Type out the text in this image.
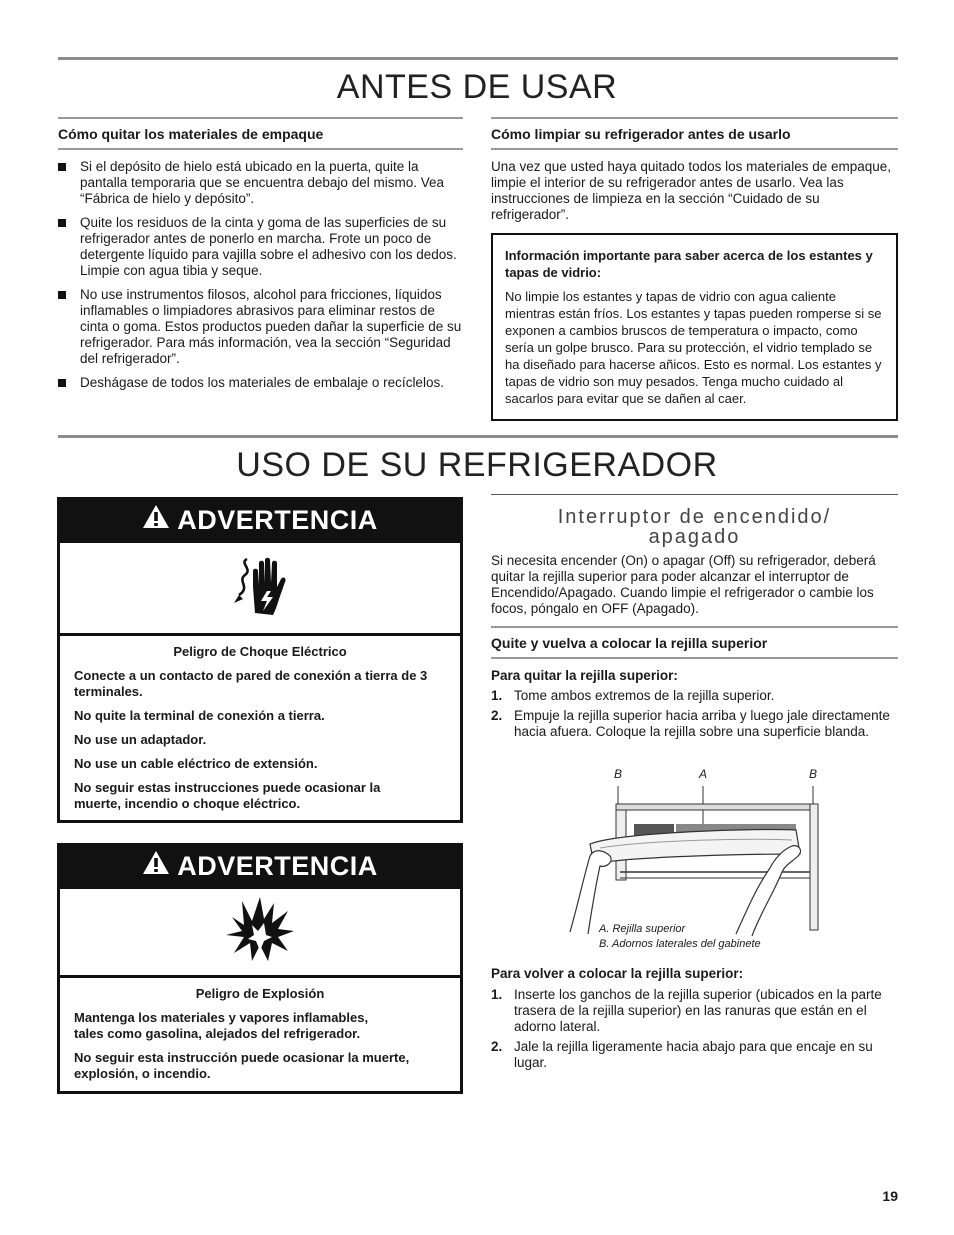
ANTES DE USAR
Cómo quitar los materiales de empaque
Si el depósito de hielo está ubicado en la puerta, quite la pantalla temporaria que se encuentra debajo del mismo. Vea “Fábrica de hielo y depósito”.
Quite los residuos de la cinta y goma de las superficies de su refrigerador antes de ponerlo en marcha. Frote un poco de detergente líquido para vajilla sobre el adhesivo con los dedos. Limpie con agua tibia y seque.
No use instrumentos filosos, alcohol para fricciones, líquidos inflamables o limpiadores abrasivos para eliminar restos de cinta o goma. Estos productos pueden dañar la superficie de su refrigerador. Para más información, vea la sección “Seguridad del refrigerador”.
Deshágase de todos los materiales de embalaje o recíclelos.
Cómo limpiar su refrigerador antes de usarlo

Una vez que usted haya quitado todos los materiales de empaque, limpie el interior de su refrigerador antes de usarlo. Vea las instrucciones de limpieza en la sección “Cuidado de su refrigerador”.

Información importante para saber acerca de los estantes y tapas de vidrio:
No limpie los estantes y tapas de vidrio con agua caliente mientras están fríos. Los estantes y tapas pueden romperse si se exponen a cambios bruscos de temperatura o impacto, como sería un golpe brusco. Para su protección, el vidrio templado se ha diseñado para hacerse añicos. Esto es normal. Los estantes y tapas de vidrio son muy pesados. Tenga mucho cuidado al sacarlos para evitar que se dañen al caer.
USO DE SU REFRIGERADOR
ADVERTENCIA
Peligro de Choque Eléctrico

Conecte a un contacto de pared de conexión a tierra de 3 terminales.

No quite la terminal de conexión a tierra.

No use un adaptador.

No use un cable eléctrico de extensión.

No seguir estas instrucciones puede ocasionar la muerte, incendio o choque eléctrico.

ADVERTENCIA
Peligro de Explosión

Mantenga los materiales y vapores inflamables, tales como gasolina, alejados del refrigerador.

No seguir esta instrucción puede ocasionar la muerte, explosión, o incendio.

Interruptor de encendido/ apagado

Si necesita encender (On) o apagar (Off) su refrigerador, deberá quitar la rejilla superior para poder alcanzar el interruptor de Encendido/Apagado. Cuando limpie el refrigerador o cambie los focos, póngalo en OFF (Apagado).

Quite y vuelva a colocar la rejilla superior
Para quitar la rejilla superior:
1. Tome ambos extremos de la rejilla superior.
2. Empuje la rejilla superior hacia arriba y luego jale directamente hacia afuera. Coloque la rejilla sobre una superficie blanda.
B	A	B
A. Rejilla superior
B. Adornos laterales del gabinete
Para volver a colocar la rejilla superior:
1. Inserte los ganchos de la rejilla superior (ubicados en la parte trasera de la rejilla superior) en las ranuras que están en el adorno lateral.
2. Jale la rejilla ligeramente hacia abajo para que encaje en su lugar.
19
